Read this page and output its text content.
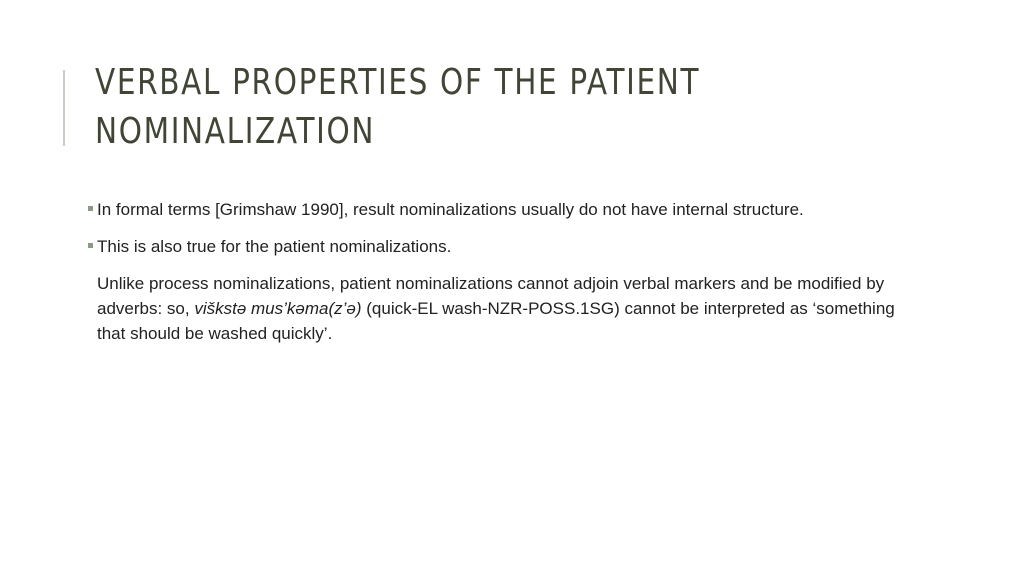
VERBAL PROPERTIES OF THE PATIENT
NOMINALIZATION
In formal terms [Grimshaw 1990], result nominalizations usually do not have internal structure.
This is also true for the patient nominalizations.

Unlike process nominalizations, patient nominalizations cannot adjoin verbal markers and be modified by adverbs: so, viškstə mus’kəma(z’ə) (quick-EL wash-NZR-POSS.1SG) cannot be interpreted as ‘something that should be washed quickly’.
